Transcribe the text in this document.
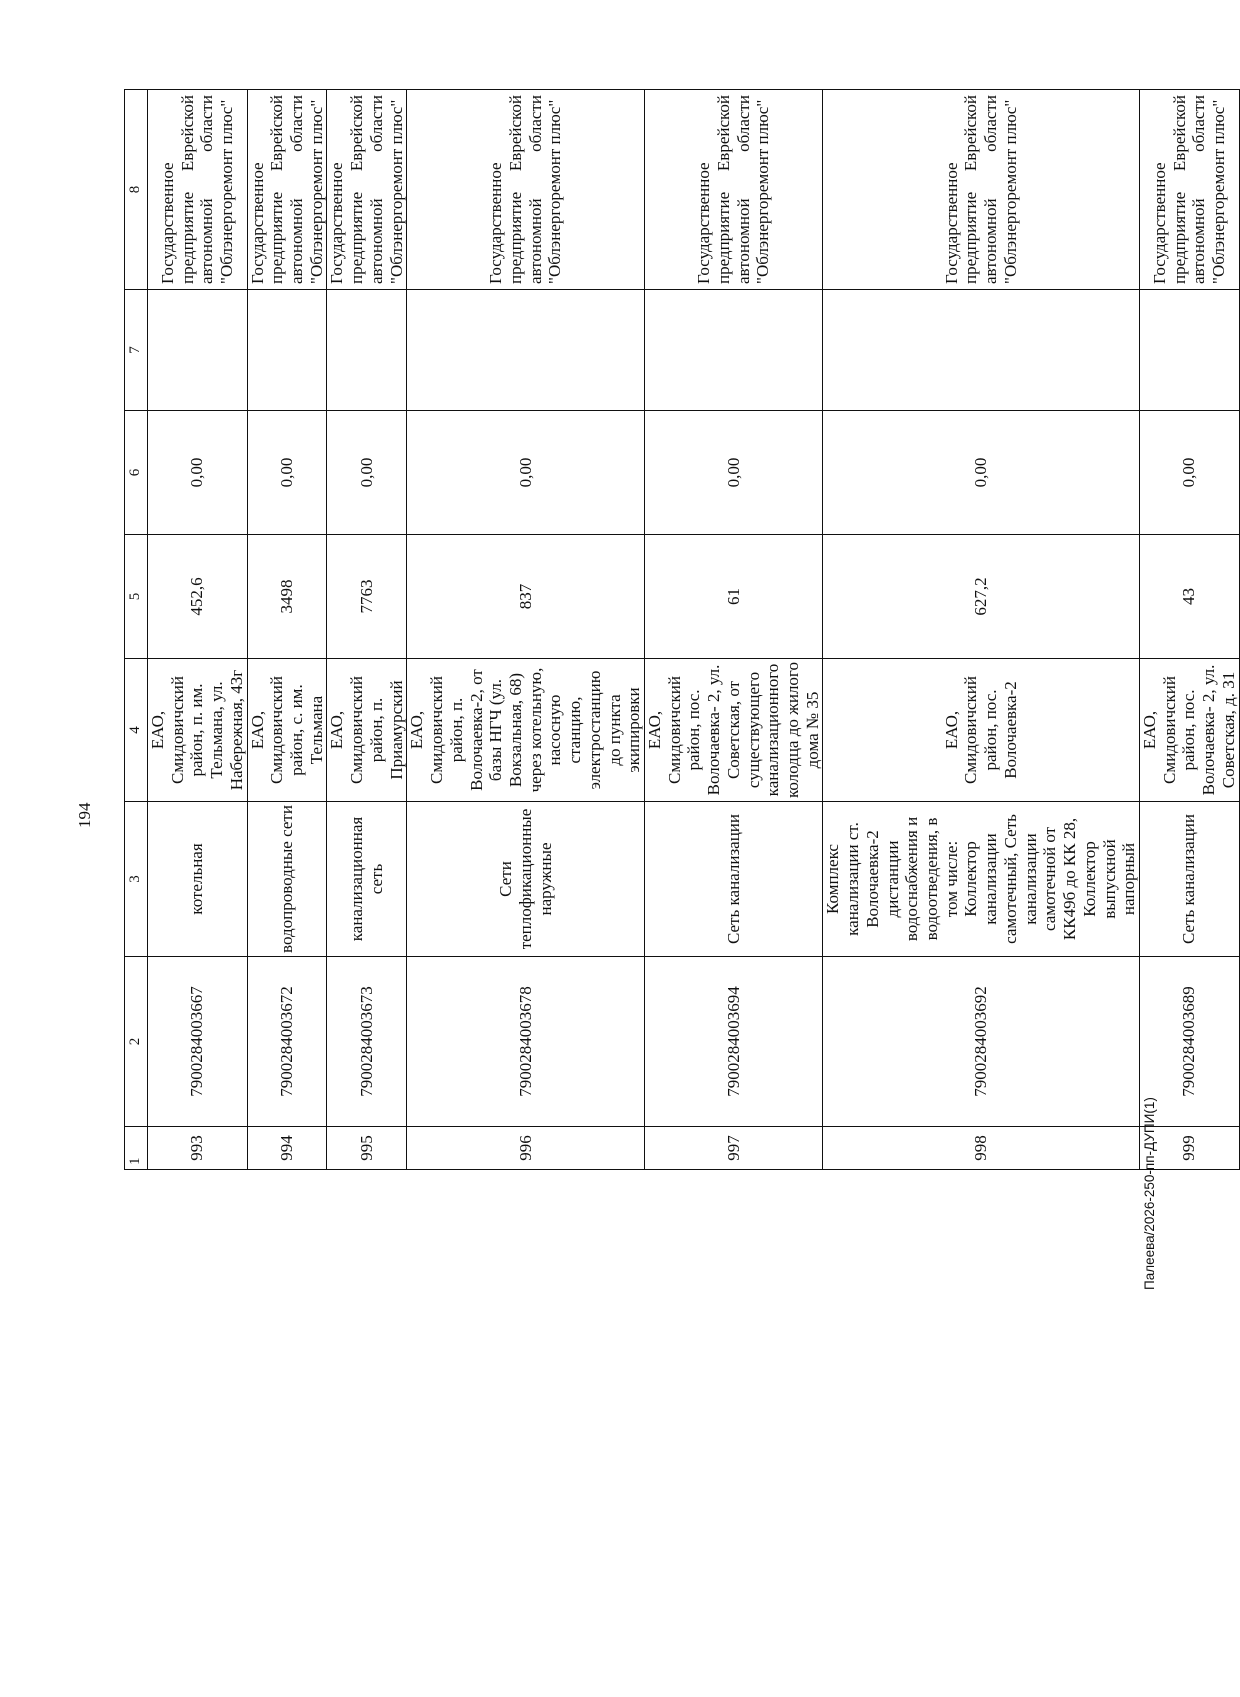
194
1	2	3	4	5	6	7	8
993	7900284003667	котельная	ЕАО, Смидовичский район, п. им. Тельмана, ул. Набережная, 43г	452,6	0,00		Государственное предприятие Еврейской автономной области "Облэнергоремонт плюс"
994	7900284003672	водопроводные сети	ЕАО, Смидовичский район, с. им. Тельмана	3498	0,00		Государственное предприятие Еврейской автономной области "Облэнергоремонт плюс"
995	7900284003673	канализационная сеть	ЕАО, Смидовичский район, п. Приамурский	7763	0,00		Государственное предприятие Еврейской автономной области "Облэнергоремонт плюс"
996	7900284003678	Сети теплофикационные наружные	ЕАО, Смидовичский район, п. Волочаевка-2, от базы НГЧ (ул. Вокзальная, 68) через котельную, насосную станцию, электростанцию до пункта экипировки	837	0,00		Государственное предприятие Еврейской автономной области "Облэнергоремонт плюс"
997	7900284003694	Сеть канализации	ЕАО, Смидовичский район, пос. Волочаевка- 2, ул. Советская, от существующего канализационного колодца до жилого дома № 35	61	0,00		Государственное предприятие Еврейской автономной области "Облэнергоремонт плюс"
998	7900284003692	Комплекс канализации ст. Волочаевка-2 дистанции водоснабжения и водоотведения, в том числе: Коллектор канализации самотечный, Сеть канализации самотечной от КК49б до КК 28, Коллектор выпускной напорный	ЕАО, Смидовичский район, пос. Волочаевка-2	627,2	0,00		Государственное предприятие Еврейской автономной области "Облэнергоремонт плюс"
999	7900284003689	Сеть канализации	ЕАО, Смидовичский район, пос. Волочаевка- 2, ул. Советская, д. 31	43	0,00		Государственное предприятие Еврейской автономной области "Облэнергоремонт плюс"
Палеева/2026-250-пп-ДУПИ(1)
